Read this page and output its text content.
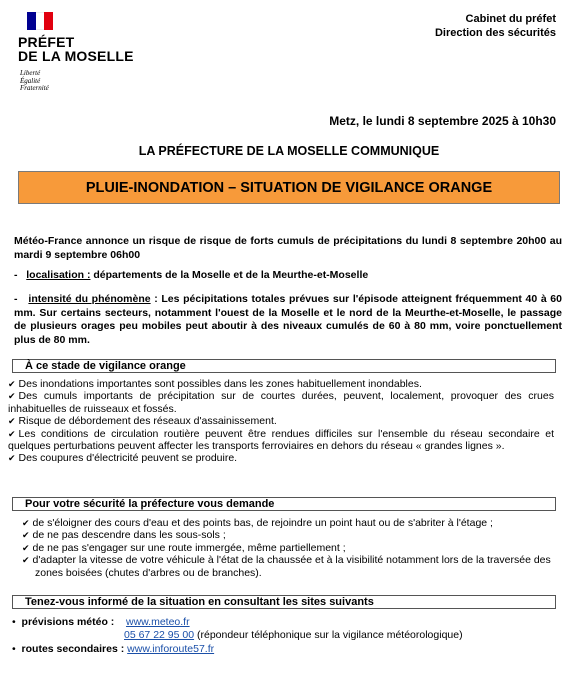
PRÉFET
DE LA MOSELLE
Liberté
Égalité
Fraternité
Cabinet du préfet
Direction des sécurités
Metz, le lundi 8 septembre 2025 à 10h30
LA PRÉFECTURE DE LA MOSELLE COMMUNIQUE
PLUIE-INONDATION – SITUATION DE VIGILANCE ORANGE
Météo-France annonce un risque de risque de forts cumuls de précipitations du lundi 8 septembre 20h00 au mardi 9 septembre 06h00
- localisation : départements de la Moselle et de la Meurthe-et-Moselle
- intensité du phénomène : Les pécipitations totales prévues sur l'épisode atteignent fréquemment 40 à 60 mm. Sur certains secteurs, notamment l'ouest de la Moselle et le nord de la Meurthe-et-Moselle, le passage de plusieurs orages peu mobiles peut aboutir à des niveaux cumulés de 60 à 80 mm, voire ponctuellement plus de 80 mm.
À ce stade de vigilance orange
✔ Des inondations importantes sont possibles dans les zones habituellement inondables.
✔ Des cumuls importants de précipitation sur de courtes durées, peuvent, localement, provoquer des crues inhabituelles de ruisseaux et fossés.
✔ Risque de débordement des réseaux d'assainissement.
✔ Les conditions de circulation routière peuvent être rendues difficiles sur l'ensemble du réseau secondaire et quelques perturbations peuvent affecter les transports ferroviaires en dehors du réseau « grandes lignes ».
✔ Des coupures d'électricité peuvent se produire.
Pour votre sécurité la préfecture vous demande
✔ de s'éloigner des cours d'eau et des points bas, de rejoindre un point haut ou de s'abriter à l'étage ;
✔ de ne pas descendre dans les sous-sols ;
✔ de ne pas s'engager sur une route immergée, même partiellement ;
✔ d'adapter la vitesse de votre véhicule à l'état de la chaussée et à la visibilité notamment lors de la traversée des zones boisées (chutes d'arbres ou de branches).
Tenez-vous informé de la situation en consultant les sites suivants
• prévisions météo : www.meteo.fr
05 67 22 95 00 (répondeur téléphonique sur la vigilance météorologique)
• routes secondaires : www.inforoute57.fr
